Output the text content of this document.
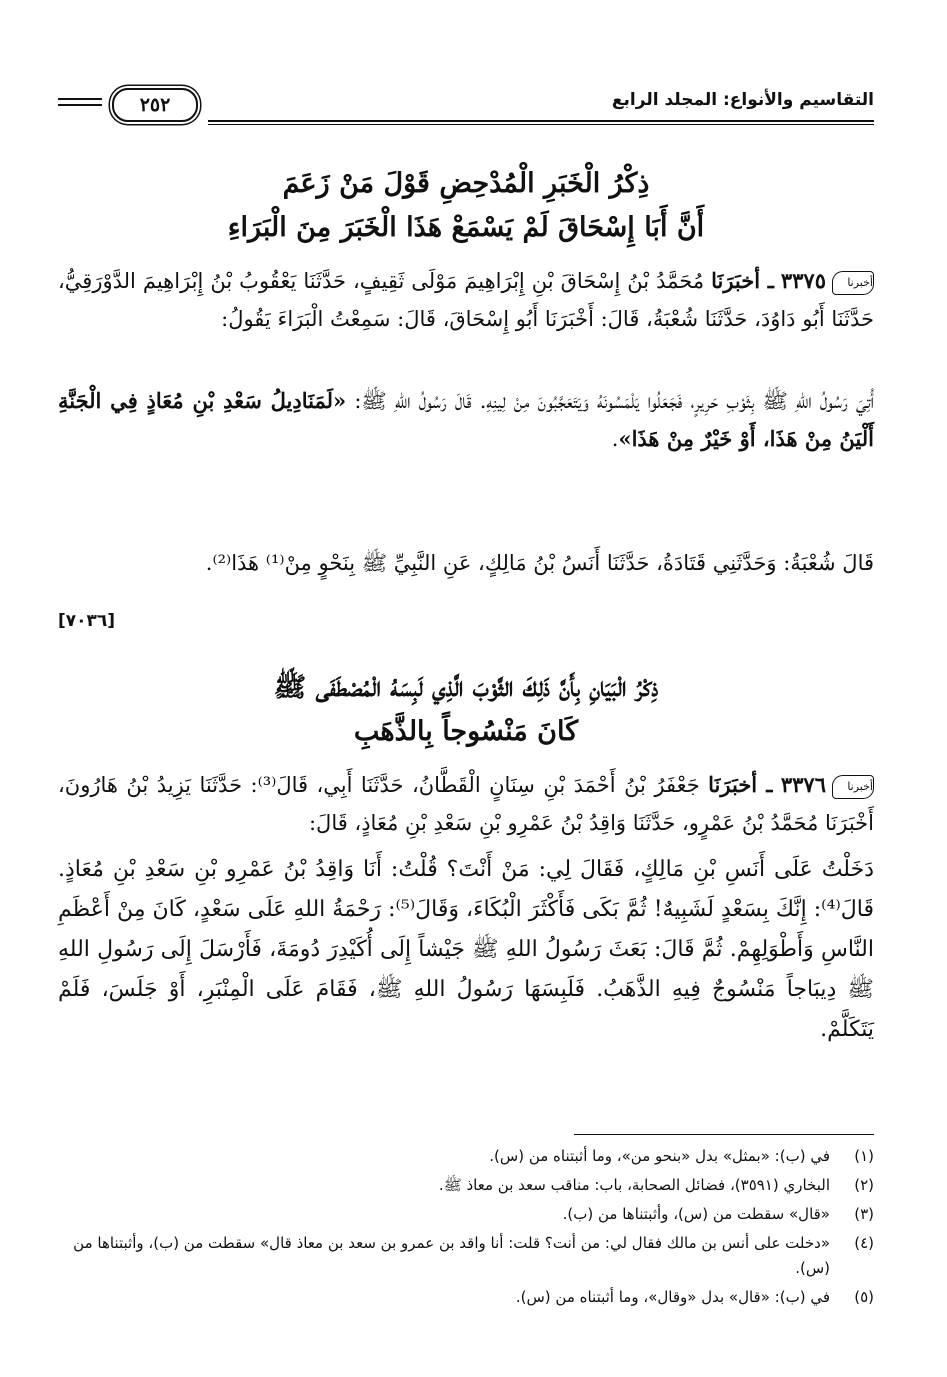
التقاسيم والأنواع: المجلد الرابع
٢٥٢

ذِكْرُ الْخَبَرِ الْمُدْحِضِ قَوْلَ مَنْ زَعَمَ

أَنَّ أَبَا إِسْحَاقَ لَمْ يَسْمَعْ هَذَا الْخَبَرَ مِنَ الْبَرَاءِ

أخبرنا٣٣٧٥ ـ أخبَرَنَا مُحَمَّدُ بْنُ إِسْحَاقَ بْنِ إِبْرَاهِيمَ مَوْلَى ثَقِيفٍ، حَدَّثَنَا يَعْقُوبُ بْنُ إِبْرَاهِيمَ الدَّوْرَقِيُّ، حَدَّثَنَا أَبُو دَاوُدَ، حَدَّثَنَا شُعْبَةُ، قَالَ: أَخْبَرَنَا أَبُو إِسْحَاقَ، قَالَ: سَمِعْتُ الْبَرَاءَ يَقُولُ:

أُتِيَ رَسُولُ اللهِ ﷺ بِثَوْبِ حَرِيرٍ، فَجَعَلُوا يَلْمَسُونَهُ وَيَتَعَجَّبُونَ مِنْ لِينِهِ. قَالَ رَسُولُ اللهِ ﷺ: «لَمَنَادِيلُ سَعْدِ بْنِ مُعَاذٍ فِي الْجَنَّةِ أَلْيَنُ مِنْ هَذَا، أَوْ خَيْرٌ مِنْ هَذَا».

قَالَ شُعْبَةُ: وَحَدَّثَنِي قَتَادَةُ، حَدَّثَنَا أَنَسُ بْنُ مَالِكٍ، عَنِ النَّبِيِّ ﷺ بِنَحْوٍ مِنْ⁽¹⁾ هَذَا⁽²⁾.

[٧٠٣٦]

ذِكْرُ الْبَيَانِ بِأَنَّ ذَلِكَ الثَّوْبَ الَّذِي لَبِسَهُ الْمُصْطَفَى ﷺ

كَانَ مَنْسُوجاً بِالذَّهَبِ

أخبرنا٣٣٧٦ ـ أخبَرَنَا جَعْفَرُ بْنُ أَحْمَدَ بْنِ سِنَانٍ الْقَطَّانُ، حَدَّثَنَا أَبِي، قَالَ⁽³⁾: حَدَّثَنَا يَزِيدُ بْنُ هَارُونَ، أَخْبَرَنَا مُحَمَّدُ بْنُ عَمْرٍو، حَدَّثَنَا وَاقِدُ بْنُ عَمْرِو بْنِ سَعْدِ بْنِ مُعَاذٍ، قَالَ:

دَخَلْتُ عَلَى أَنَسِ بْنِ مَالِكٍ، فَقَالَ لِي: مَنْ أَنْتَ؟ قُلْتُ: أَنَا وَاقِدُ بْنُ عَمْرِو بْنِ سَعْدِ بْنِ مُعَاذٍ. قَالَ⁽⁴⁾: إِنَّكَ بِسَعْدٍ لَشَبِيهٌ! ثُمَّ بَكَى فَأَكْثَرَ الْبُكَاءَ، وَقَالَ⁽⁵⁾: رَحْمَةُ اللهِ عَلَى سَعْدٍ، كَانَ مِنْ أَعْظَمِ النَّاسِ وَأَطْوَلِهِمْ. ثُمَّ قَالَ: بَعَثَ رَسُولُ اللهِ ﷺ جَيْشاً إِلَى أُكَيْدِرَ دُومَةَ، فَأَرْسَلَ إِلَى رَسُولِ اللهِ ﷺ دِيبَاجاً مَنْسُوجٌ فِيهِ الذَّهَبُ. فَلَبِسَهَا رَسُولُ اللهِ ﷺ، فَقَامَ عَلَى الْمِنْبَرِ، أَوْ جَلَسَ، فَلَمْ يَتَكَلَّمْ.

(١)
في (ب): «بمثل» بدل «بنحو من»، وما أثبتناه من (س).
(٢)
البخاري (٣٥٩١)، فضائل الصحابة، باب: مناقب سعد بن معاذ ﷺ.
(٣)
«قال» سقطت من (س)، وأثبتناها من (ب).
(٤)
«دخلت على أنس بن مالك فقال لي: من أنت؟ قلت: أنا واقد بن عمرو بن سعد بن معاذ قال» سقطت من (ب)، وأثبتناها من (س).
(٥)
في (ب): «قال» بدل «وقال»، وما أثبتناه من (س).
